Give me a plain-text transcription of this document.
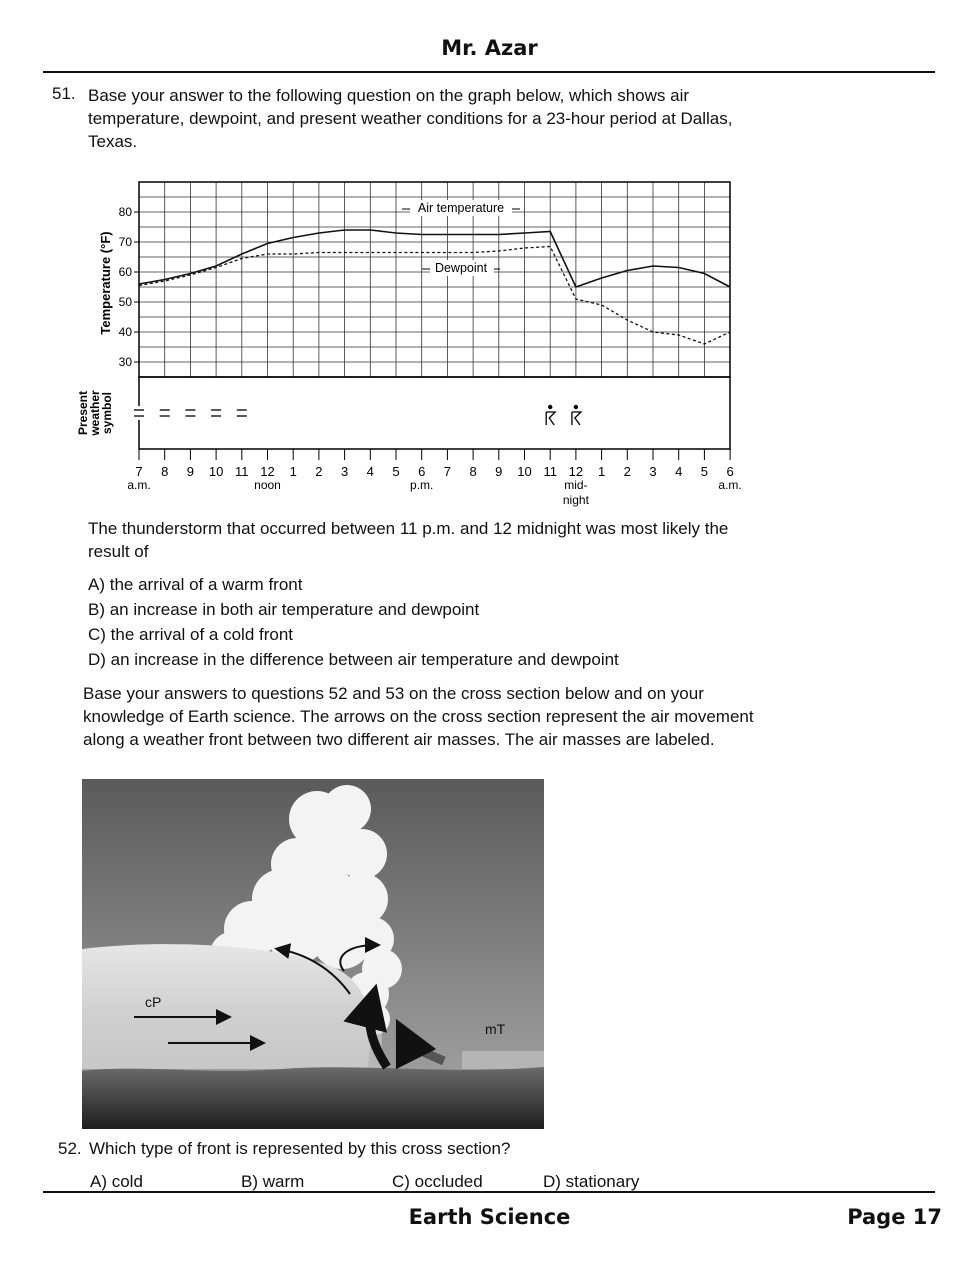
Mr. Azar
51. Base your answer to the following question on the graph below, which shows air
temperature, dewpoint, and present weather conditions for a 23-hour period at Dallas,
Texas.
80
70
60
50
40
30
Temperature (°F)
Presentweathersymbol
Air temperature
Dewpoint
7 8 9 10 11 12 1 2 3 4 5 6 7 8 9 10 11 12 1 2 3 4 5 6
a.m.	noon	p.m.	mid-
night
a.m.
The thunderstorm that occurred between 11 p.m. and 12 midnight was most likely the
result of
A) the arrival of a warm front
B) an increase in both air temperature and dewpoint
C) the arrival of a cold front
D) an increase in the difference between air temperature and dewpoint
Base your answers to questions 52 and 53 on the cross section below and on your
knowledge of Earth science. The arrows on the cross section represent the air movement
along a weather front between two different air masses. The air masses are labeled.
cP
mT
52. Which type of front is represented by this cross section?
A) cold	B) warm	C) occluded	D) stationary
Earth Science	Page 17
